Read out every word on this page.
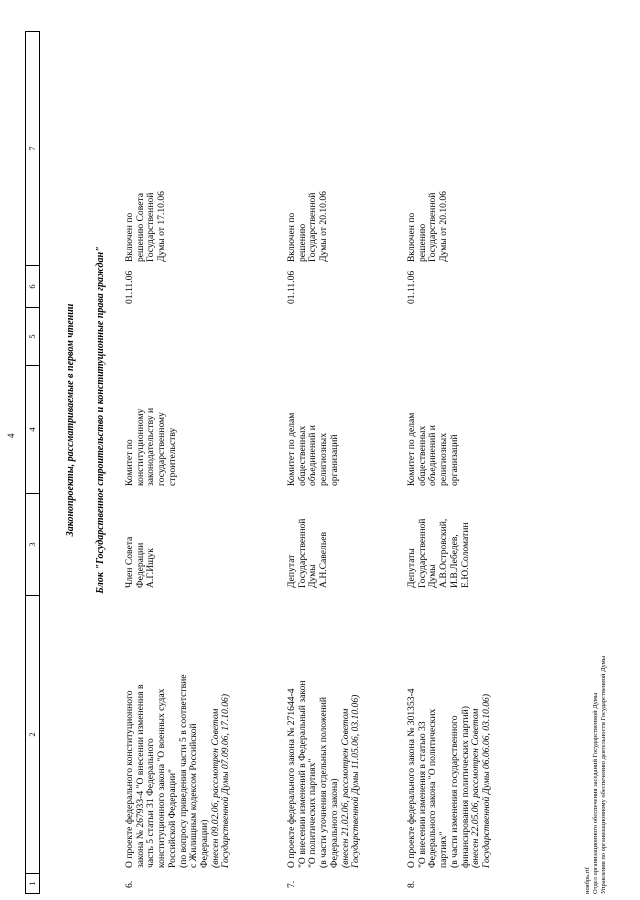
4
1
2
3
4
5
6
7
Законопроекты, рассматриваемые в первом чтении Блок "Государственное строительство и конституционные права граждан"
6.
О проекте федерального конституционного закона № 267933-4 "О внесении изменения в часть 5 статьи 31 Федерального конституционного закона "О военных судах Российской Федерации" (по вопросу приведения части 5 в соответствие с Жилищным кодексом Российской Федерации) (внесен 09.02.06, рассмотрен Советом Государственной Думы 07.09.06, 17.10.06)
Член Совета Федерации А.Г.Ищук
Комитет по конституционному законодательству и государственному строительству
01.11.06
Включен по решению Совета Государственной Думы от 17.10.06
7.
О проекте федерального закона № 271644-4 "О внесении изменений в Федеральный закон "О политических партиях" (в части уточнения отдельных положений Федерального закона) (внесен 21.02.06, рассмотрен Советом Государственной Думы 11.05.06, 03.10.06)
Депутат Государственной Думы А.Н.Савельев
Комитет по делам общественных объединений и религиозных организаций
01.11.06
Включен по решению Государственной Думы от 20.10.06
8.
О проекте федерального закона № 301353-4 "О внесении изменения в статью 33 Федерального закона "О политических партиях" (в части изменения государственного финансирования политических партий) (внесен 22.05.06, рассмотрен Советом Государственной Думы 06.06.06, 03.10.06)
Депутаты Государственной Думы А.В.Островский, И.В.Лебедев, Е.Ю.Соломатин
Комитет по делам общественных объединений и религиозных организаций
01.11.06
Включен по решению Государственной Думы от 20.10.06
ноябрь.rtf Отдел организационного обеспечения заседаний Государственной Думы Управления по организационному обеспечению деятельности Государственной Думы
